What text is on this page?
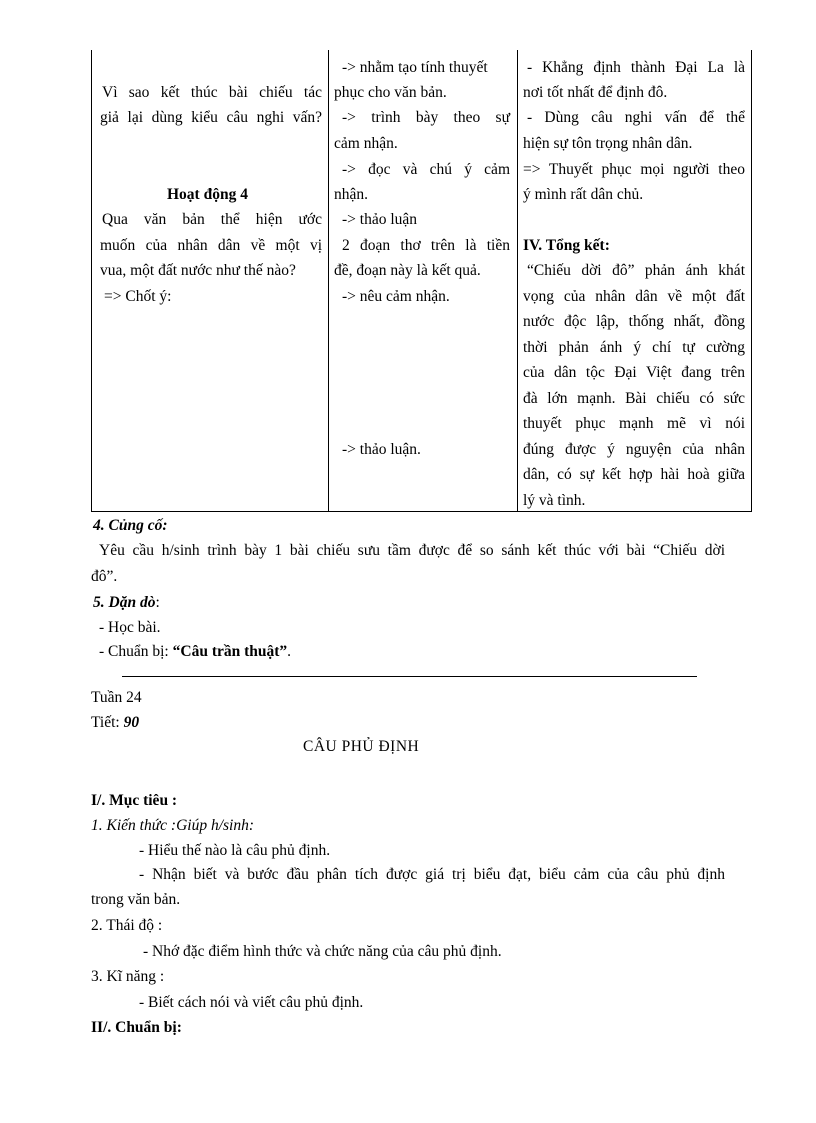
Vì sao kết thúc bài chiếu tác
giả lại dùng kiểu câu nghi vấn?
Hoạt động 4
Qua văn bản thể hiện ước
muốn của nhân dân về một vị
vua, một đất nước như thế nào?
=> Chốt ý:
-> nhằm tạo tính thuyết
phục cho văn bản.
-> trình bày theo sự
cảm nhận.
-> đọc và chú ý cảm
nhận.
-> thảo luận
2 đoạn thơ trên là tiền
đề, đoạn này là kết quả.
-> nêu cảm nhận.
-> thảo luận.
- Khẳng định thành Đại La là
nơi tốt nhất để định đô.
- Dùng câu nghi vấn để thể
hiện sự tôn trọng nhân dân.
=> Thuyết phục mọi người theo
ý mình rất dân chủ.
IV. Tổng kết:
“Chiếu dời đô” phản ánh khát
vọng của nhân dân về một đất
nước độc lập, thống nhất, đồng
thời phản ánh ý chí tự cường
của dân tộc Đại Việt đang trên
đà lớn mạnh. Bài chiếu có sức
thuyết phục mạnh mẽ vì nói
đúng được ý nguyện của nhân
dân, có sự kết hợp hài hoà giữa
lý và tình.
4. Củng cố:
Yêu cầu h/sinh trình bày 1 bài chiếu sưu tầm được để so sánh kết thúc với bài “Chiếu dời
đô”.
5. Dặn dò:
- Học bài.
- Chuẩn bị: “Câu trần thuật”.
Tuần 24
Tiết: 90
CÂU PHỦ ĐỊNH
I/. Mục tiêu :
1. Kiến thức :Giúp h/sinh:
- Hiểu thế nào là câu phủ định.
- Nhận biết và bước đầu phân tích được giá trị biểu đạt, biểu cảm của câu phủ định
trong văn bản.
2. Thái độ :
- Nhớ đặc điểm hình thức và chức năng của câu phủ định.
3. Kĩ năng :
- Biết cách nói và viết câu phủ định.
II/. Chuẩn bị:
